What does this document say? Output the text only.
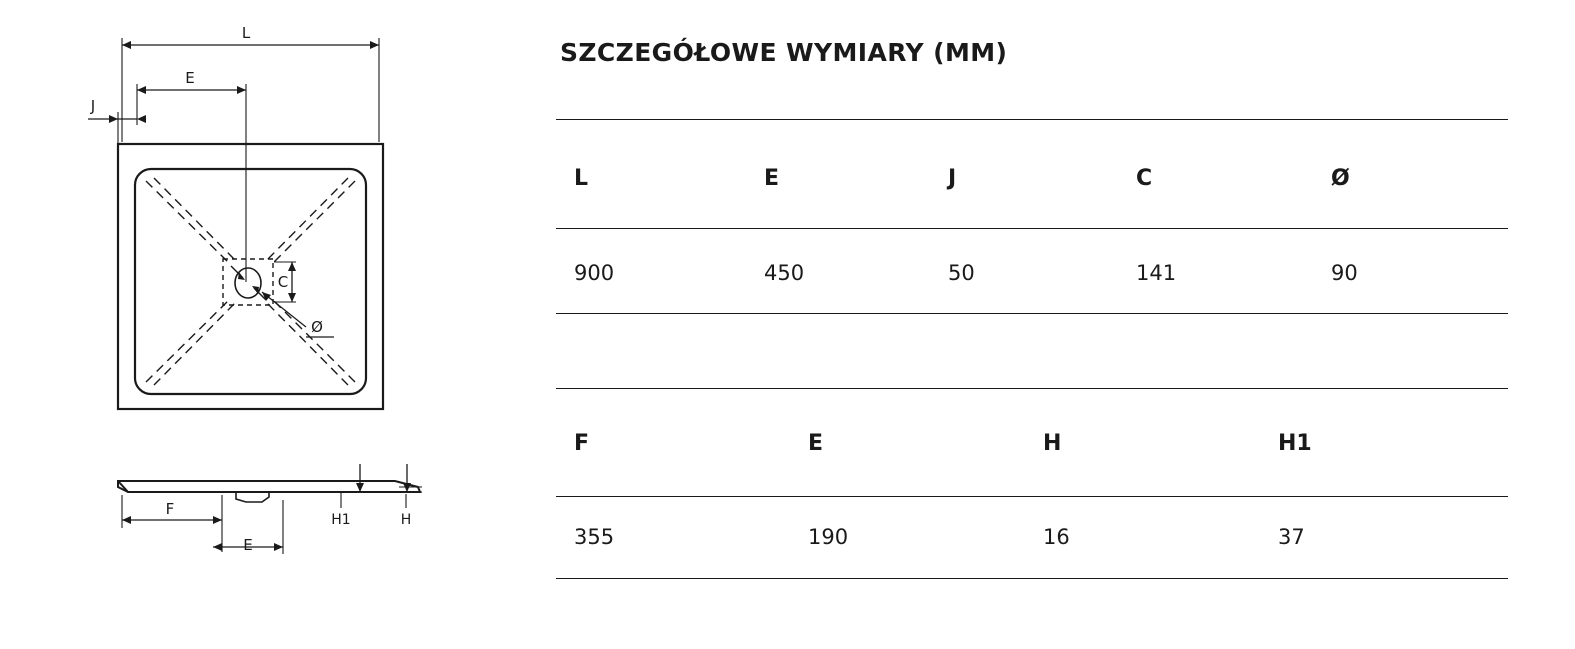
L
E
J
C
Ø
F
E
H1	H
SZCZEGÓŁOWE WYMIARY (MM)
L	E	J	C	Ø
900	450	50	141	90
F	E	H	H1
355	190	16	37
